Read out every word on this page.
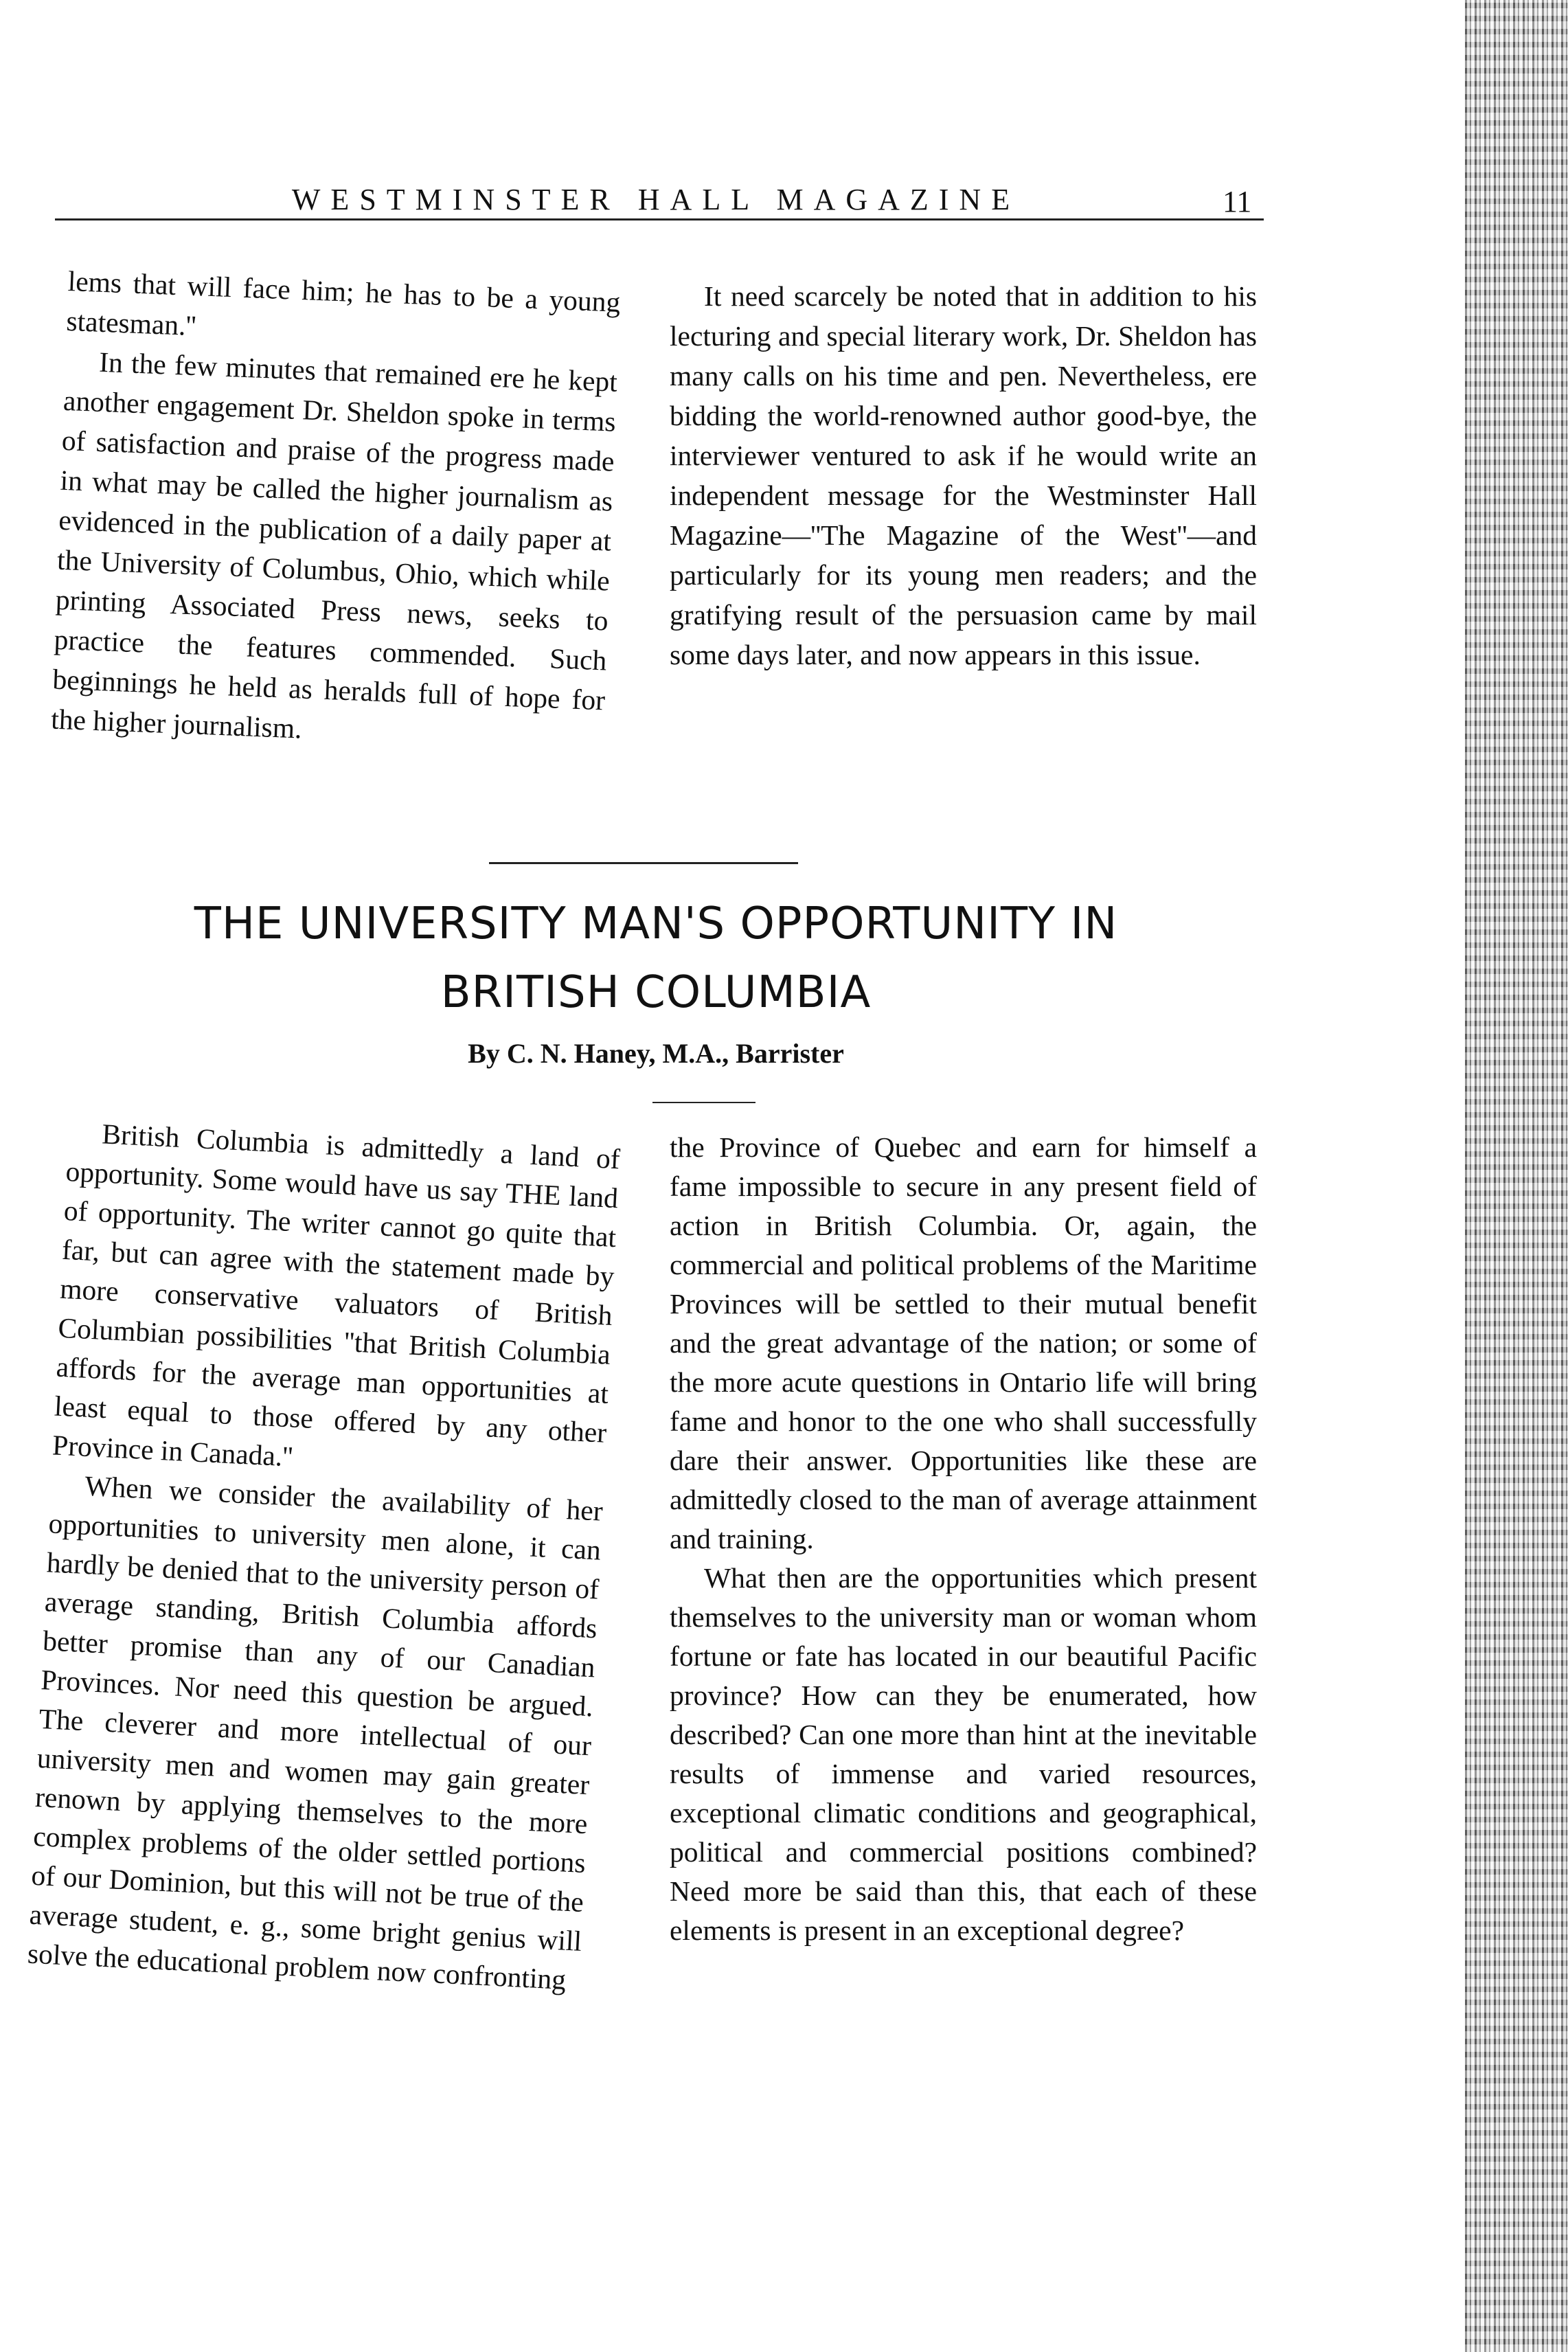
WESTMINSTER HALL MAGAZINE	11

lems that will face him; he has to be a young statesman.''

In the few minutes that remained ere he kept another engagement Dr. Sheldon spoke in terms of satisfaction and praise of the progress made in what may be called the higher journalism as evidenced in the publication of a daily paper at the University of Columbus, Ohio, which while printing Associated Press news, seeks to practice the features commended. Such beginnings he held as heralds full of hope for the higher journalism.

It need scarcely be noted that in addition to his lecturing and special literary work, Dr. Sheldon has many calls on his time and pen. Nevertheless, ere bidding the world-renowned author good-bye, the interviewer ventured to ask if he would write an independent message for the Westminster Hall Magazine—''The Magazine of the West''—and particularly for its young men readers; and the gratifying result of the persuasion came by mail some days later, and now appears in this issue.

THE UNIVERSITY MAN'S OPPORTUNITY IN
BRITISH COLUMBIA
By C. N. Haney, M.A., Barrister

British Columbia is admittedly a land of opportunity. Some would have us say THE land of opportunity. The writer cannot go quite that far, but can agree with the statement made by more conservative valuators of British Columbian possibilities ''that British Columbia affords for the average man opportunities at least equal to those offered by any other Province in Canada.''

When we consider the availability of her opportunities to university men alone, it can hardly be denied that to the university person of average standing, British Columbia affords better promise than any of our Canadian Provinces. Nor need this question be argued. The cleverer and more intellectual of our university men and women may gain greater renown by applying themselves to the more complex problems of the older settled portions of our Dominion, but this will not be true of the average student, e. g., some bright genius will solve the educational problem now confronting

the Province of Quebec and earn for himself a fame impossible to secure in any present field of action in British Columbia. Or, again, the commercial and political problems of the Maritime Provinces will be settled to their mutual benefit and the great advantage of the nation; or some of the more acute questions in Ontario life will bring fame and honor to the one who shall successfully dare their answer. Opportunities like these are admittedly closed to the man of average attainment and training.

What then are the opportunities which present themselves to the university man or woman whom fortune or fate has located in our beautiful Pacific province? How can they be enumerated, how described? Can one more than hint at the inevitable results of immense and varied resources, exceptional climatic conditions and geographical, political and commercial positions combined? Need more be said than this, that each of these elements is present in an exceptional degree?
